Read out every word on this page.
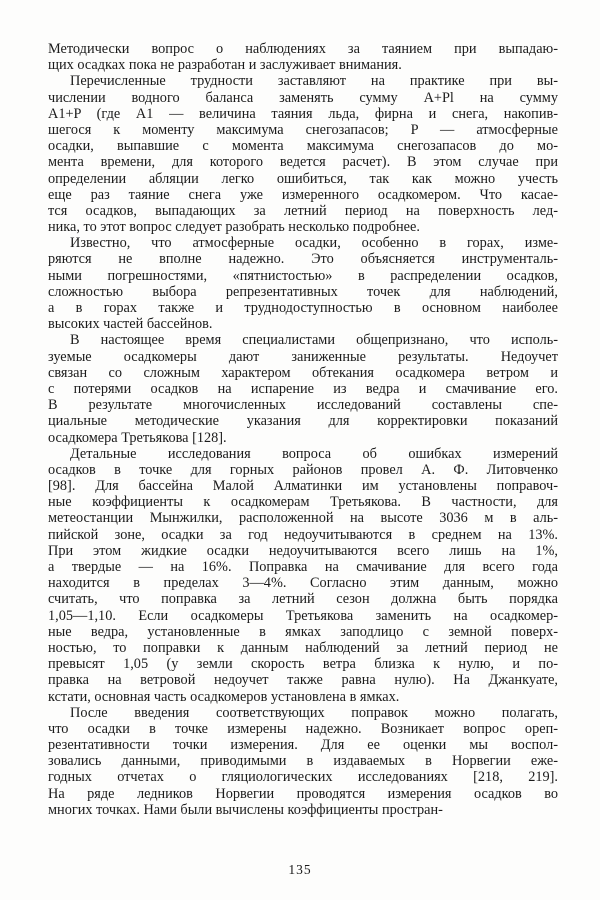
Методически вопрос о наблюдениях за таянием при выпадаю-
щих осадках пока не разработан и заслуживает внимания.
Перечисленные трудности заставляют на практике при вы-
числении водного баланса заменять сумму A+Pl на сумму
A1+P (где A1 — величина таяния льда, фирна и снега, накопив-
шегося к моменту максимума снегозапасов; P — атмосферные
осадки, выпавшие с момента максимума снегозапасов до мо-
мента времени, для которого ведется расчет). В этом случае при
определении абляции легко ошибиться, так как можно учесть
еще раз таяние снега уже измеренного осадкомером. Что касае-
тся осадков, выпадающих за летний период на поверхность лед-
ника, то этот вопрос следует разобрать несколько подробнее.
Известно, что атмосферные осадки, особенно в горах, изме-
ряются не вполне надежно. Это объясняется инструменталь-
ными погрешностями, «пятнистостью» в распределении осадков,
сложностью выбора репрезентативных точек для наблюдений,
а в горах также и труднодоступностью в основном наиболее
высоких частей бассейнов.
В настоящее время специалистами общепризнано, что исполь-
зуемые осадкомеры дают заниженные результаты. Недоучет
связан со сложным характером обтекания осадкомера ветром и
с потерями осадков на испарение из ведра и смачивание его.
В результате многочисленных исследований составлены спе-
циальные методические указания для корректировки показаний
осадкомера Третьякова [128].
Детальные исследования вопроса об ошибках измерений
осадков в точке для горных районов провел А. Ф. Литовченко
[98]. Для бассейна Малой Алматинки им установлены поправоч-
ные коэффициенты к осадкомерам Третьякова. В частности, для
метеостанции Мынжилки, расположенной на высоте 3036 м в аль-
пийской зоне, осадки за год недоучитываются в среднем на 13%.
При этом жидкие осадки недоучитываются всего лишь на 1%,
а твердые — на 16%. Поправка на смачивание для всего года
находится в пределах 3—4%. Согласно этим данным, можно
считать, что поправка за летний сезон должна быть порядка
1,05—1,10. Если осадкомеры Третьякова заменить на осадкомер-
ные ведра, установленные в ямках заподлицо с земной поверх-
ностью, то поправки к данным наблюдений за летний период не
превысят 1,05 (у земли скорость ветра близка к нулю, и по-
правка на ветровой недоучет также равна нулю). На Джанкуате,
кстати, основная часть осадкомеров установлена в ямках.
После введения соответствующих поправок можно полагать,
что осадки в точке измерены надежно. Возникает вопрос ореп-
резентативности точки измерения. Для ее оценки мы воспол-
зовались данными, приводимыми в издаваемых в Норвегии еже-
годных отчетах о гляциологических исследованиях [218, 219].
На ряде ледников Норвегии проводятся измерения осадков во
многих точках. Нами были вычислены коэффициенты простран-
135
